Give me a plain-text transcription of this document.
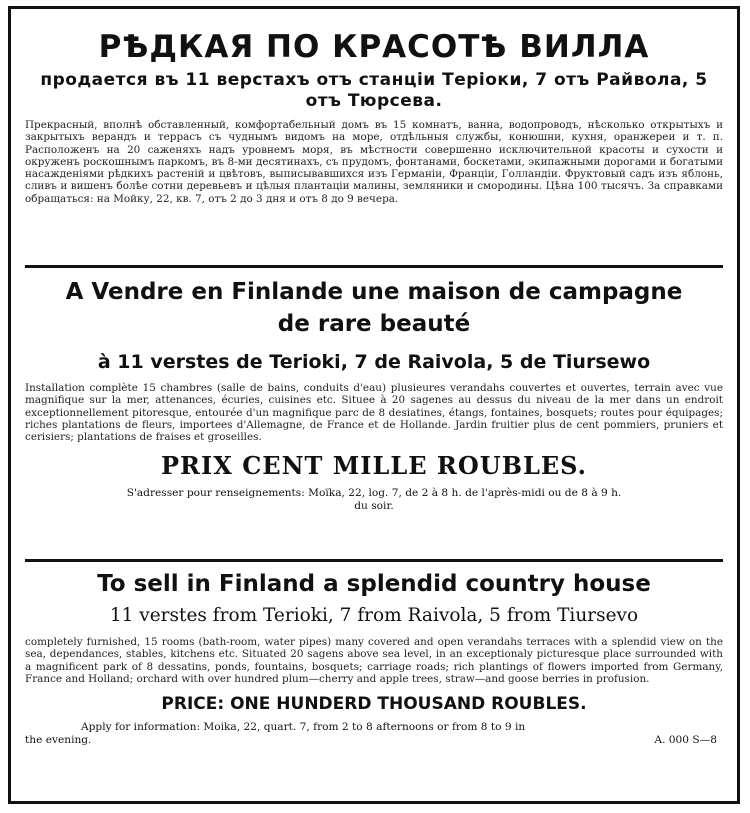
РѢДКАЯ ПО КРАСОТѢ ВИЛЛА

продается въ 11 верстахъ отъ станціи Теріоки, 7 отъ Райвола, 5 отъ Тюрсева.

Прекрасный, вполнѣ обставленный, комфортабельный домъ въ 15 комнатъ, ванна, водопроводъ, нѣсколько открытыхъ и закрытыхъ верандъ и террасъ съ чуднымъ видомъ на море, отдѣльныя службы, конюшни, кухня, оранжереи и т. п. Расположенъ на 20 саженяхъ надъ уровнемъ моря, въ мѣстности совершенно исключительной красоты и сухости и окруженъ роскошнымъ паркомъ, въ 8-ми десятинахъ, съ прудомъ, фонтанами, боскетами, экипажными дорогами и богатыми насажденіями рѣдкихъ растеній и цвѣтовъ, выписывавшихся изъ Германіи, Франціи, Голландіи. Фруктовый садъ изъ яблонь, сливъ и вишенъ болѣе сотни деревьевъ и цѣлыя плантаціи малины, земляники и смородины. Цѣна 100 тысячъ. За справками обращаться: на Мойку, 22, кв. 7, отъ 2 до 3 дня и отъ 8 до 9 вечера.

A Vendre en Finlande une maison de campagne
de rare beauté
à 11 verstes de Terioki, 7 de Raivola, 5 de Tiursewo

Installation complète 15 chambres (salle de bains, conduits d'eau) plusieures verandahs couvertes et ouvertes, terrain avec vue magnifique sur la mer, attenances, écuries, cuisines etc. Situee à 20 sagenes au dessus du niveau de la mer dans un endroit exceptionnellement pitoresque, entourée d'un magnifique parc de 8 desiatines, étangs, fontaines, bosquets; routes pour équipages; riches plantations de fleurs, importees d'Allemagne, de France et de Hollande. Jardin fruitier plus de cent pommiers, pruniers et cerisiers; plantations de fraises et groseilles.

PRIX CENT MILLE ROUBLES.
S'adresser pour renseignements: Moïka, 22, log. 7, de 2 à 8 h. de l'après-midi ou de 8 à 9 h.
du soir.
To sell in Finland a splendid country house
11 verstes from Terioki, 7 from Raivola, 5 from Tiursevo

completely furnished, 15 rooms (bath-room, water pipes) many covered and open verandahs terraces with a splendid view on the sea, dependances, stables, kitchens etc. Situated 20 sagens above sea level, in an exceptionaly picturesque place surrounded with a magnificent park of 8 dessatins, ponds, fountains, bosquets; carriage roads; rich plantings of flowers imported from Germany, France and Holland; orchard with over hundred plum—cherry and apple trees, straw—and goose berries in profusion.

PRICE: ONE HUNDERD THOUSAND ROUBLES.
Apply for information: Moika, 22, quart. 7, from 2 to 8 afternoons or from 8 to 9 in
the evening.	A. 000 S—8
